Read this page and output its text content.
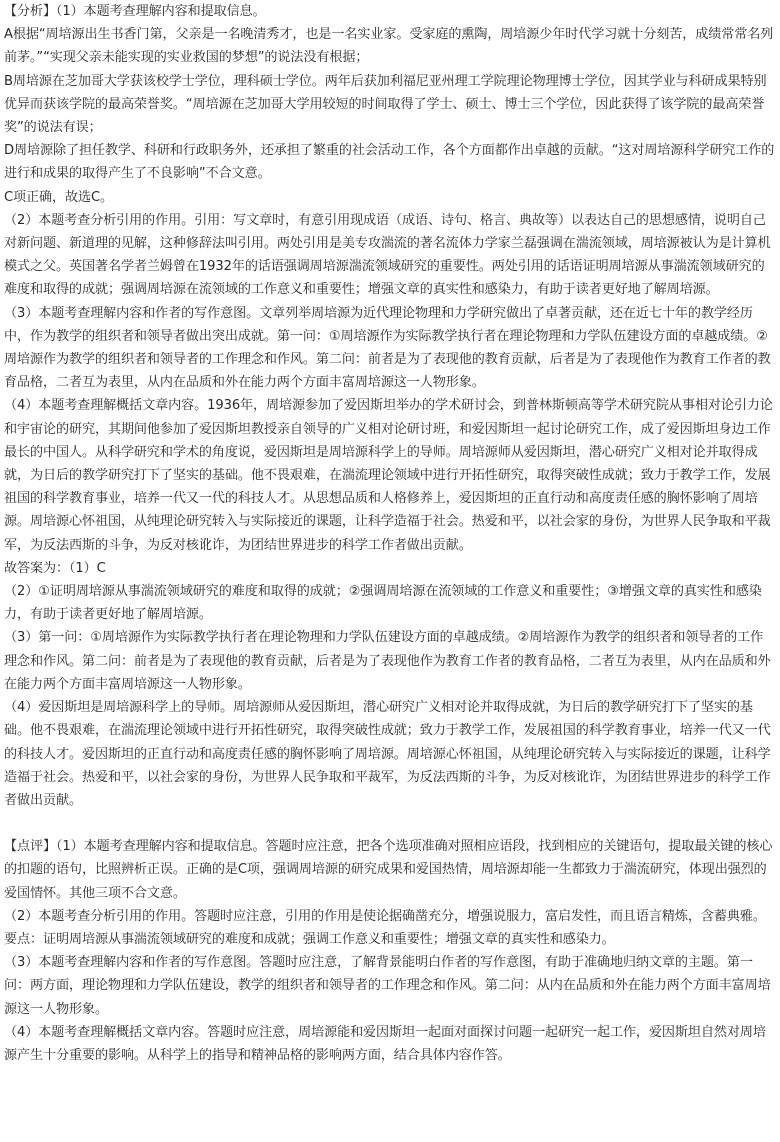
【分析】（1）本题考查理解内容和提取信息。

A根据“周培源出生书香门第，父亲是一名晚清秀才，也是一名实业家。受家庭的熏陶，周培源少年时代学习就十分刻苦，成绩常常名列前茅。”“实现父亲未能实现的实业救国的梦想”的说法没有根据；

B周培源在芝加哥大学获该校学士学位，理科硕士学位。两年后获加利福尼亚州理工学院理论物理博士学位，因其学业与科研成果特别优异而获该学院的最高荣誉奖。“周培源在芝加哥大学用较短的时间取得了学士、硕士、博士三个学位，因此获得了该学院的最高荣誉奖”的说法有误；

D周培源除了担任教学、科研和行政职务外，还承担了繁重的社会活动工作，各个方面都作出卓越的贡献。“这对周培源科学研究工作的进行和成果的取得产生了不良影响”不合文意。

C项正确，故选C。

（2）本题考查分析引用的作用。引用：写文章时，有意引用现成语（成语、诗句、格言、典故等）以表达自己的思想感情，说明自己对新问题、新道理的见解，这种修辞法叫引用。两处引用是美专攻湍流的著名流体力学家兰磊强调在湍流领域，周培源被认为是计算机模式之父。英国著名学者兰姆曾在1932年的话语强调周培源湍流领域研究的重要性。两处引用的话语证明周培源从事湍流领域研究的难度和取得的成就；强调周培源在流领域的工作意义和重要性；增强文章的真实性和感染力，有助于读者更好地了解周培源。

（3）本题考查理解内容和作者的写作意图。文章列举周培源为近代理论物理和力学研究做出了卓著贡献，还在近七十年的教学经历中，作为教学的组织者和领导者做出突出成就。第一问：①周培源作为实际教学执行者在理论物理和力学队伍建设方面的卓越成绩。②周培源作为教学的组织者和领导者的工作理念和作风。第二问：前者是为了表现他的教育贡献，后者是为了表现他作为教育工作者的教育品格，二者互为表里，从内在品质和外在能力两个方面丰富周培源这一人物形象。

（4）本题考查理解概括文章内容。1936年，周培源参加了爱因斯坦举办的学术研讨会，到普林斯顿高等学术研究院从事相对论引力论和宇宙论的研究，其期间他参加了爱因斯坦教授亲自领导的广义相对论研讨班，和爱因斯坦一起讨论研究工作，成了爱因斯坦身边工作最长的中国人。从科学研究和学术的角度说，爱因斯坦是周培源科学上的导师。周培源师从爱因斯坦，潜心研究广义相对论并取得成就，为日后的教学研究打下了坚实的基础。他不畏艰难，在湍流理论领域中进行开拓性研究，取得突破性成就；致力于教学工作，发展祖国的科学教育事业，培养一代又一代的科技人才。从思想品质和人格修养上，爱因斯坦的正直行动和高度责任感的胸怀影响了周培源。周培源心怀祖国，从纯理论研究转入与实际接近的课题，让科学造福于社会。热爱和平，以社会家的身份，为世界人民争取和平裁军，为反法西斯的斗争，为反对核讹诈，为团结世界进步的科学工作者做出贡献。

故答案为：（1）C

（2）①证明周培源从事湍流领域研究的难度和取得的成就；②强调周培源在流领域的工作意义和重要性；③增强文章的真实性和感染力，有助于读者更好地了解周培源。

（3）第一问：①周培源作为实际教学执行者在理论物理和力学队伍建设方面的卓越成绩。②周培源作为教学的组织者和领导者的工作理念和作风。第二问：前者是为了表现他的教育贡献，后者是为了表现他作为教育工作者的教育品格，二者互为表里，从内在品质和外在能力两个方面丰富周培源这一人物形象。

（4）爱因斯坦是周培源科学上的导师。周培源师从爱因斯坦，潜心研究广义相对论并取得成就，为日后的教学研究打下了坚实的基础。他不畏艰难，在湍流理论领域中进行开拓性研究，取得突破性成就；致力于教学工作，发展祖国的科学教育事业，培养一代又一代的科技人才。爱因斯坦的正直行动和高度责任感的胸怀影响了周培源。周培源心怀祖国，从纯理论研究转入与实际接近的课题，让科学造福于社会。热爱和平，以社会家的身份，为世界人民争取和平裁军，为反法西斯的斗争，为反对核讹诈，为团结世界进步的科学工作者做出贡献。

【点评】（1）本题考查理解内容和提取信息。答题时应注意，把各个选项准确对照相应语段，找到相应的关键语句，提取最关键的核心的扣题的语句，比照辨析正误。正确的是C项，强调周培源的研究成果和爱国热情，周培源却能一生都致力于湍流研究，体现出强烈的爱国情怀。其他三项不合文意。

（2）本题考查分析引用的作用。答题时应注意，引用的作用是使论据确凿充分，增强说服力，富启发性，而且语言精炼，含蓄典雅。要点：证明周培源从事湍流领域研究的难度和成就；强调工作意义和重要性；增强文章的真实性和感染力。

（3）本题考查理解内容和作者的写作意图。答题时应注意，了解背景能明白作者的写作意图，有助于准确地归纳文章的主题。第一问：两方面，理论物理和力学队伍建设，教学的组织者和领导者的工作理念和作风。第二问：从内在品质和外在能力两个方面丰富周培源这一人物形象。

（4）本题考查理解概括文章内容。答题时应注意，周培源能和爱因斯坦一起面对面探讨问题一起研究一起工作，爱因斯坦自然对周培源产生十分重要的影响。从科学上的指导和精神品格的影响两方面，结合具体内容作答。
